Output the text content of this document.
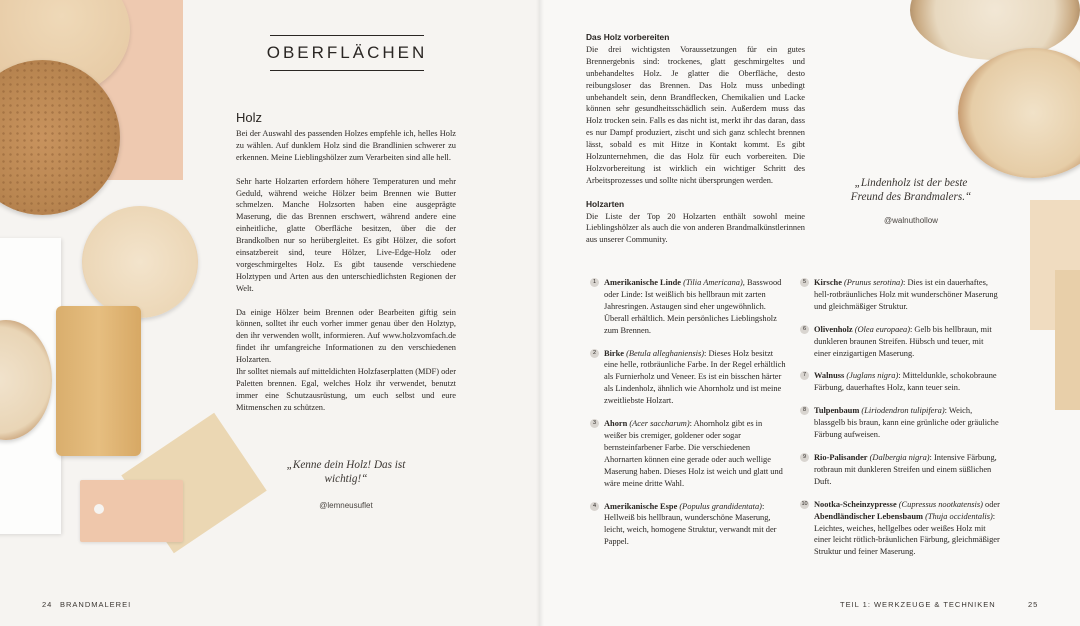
OBERFLÄCHEN
Holz

Bei der Auswahl des passenden Holzes empfehle ich, helles Holz zu wählen. Auf dunklem Holz sind die Brandlinien schwerer zu erkennen. Meine Lieblingshölzer zum Verarbeiten sind alle hell.

Sehr harte Holzarten erfordern höhere Temperaturen und mehr Geduld, während weiche Hölzer beim Brennen wie Butter schmelzen. Manche Holzsorten haben eine ausgeprägte Maserung, die das Brennen erschwert, während andere eine einheitliche, glatte Oberfläche besitzen, über die der Brandkolben nur so herübergleitet. Es gibt Hölzer, die sofort einsatzbereit sind, teure Hölzer, Live-Edge-Holz oder vorgeschmirgeltes Holz. Es gibt tausende verschiedene Holztypen und Arten aus den unterschiedlichsten Regionen der Welt.

Da einige Hölzer beim Brennen oder Bearbeiten giftig sein können, solltet ihr euch vorher immer genau über den Holztyp, den ihr verwenden wollt, informieren. Auf www.holzvomfach.de findet ihr umfangreiche Informationen zu den verschiedenen Holzarten.

Ihr solltet niemals auf mitteldichten Holzfaserplatten (MDF) oder Paletten brennen. Egal, welches Holz ihr verwendet, benutzt immer eine Schutzausrüstung, um euch selbst und eure Mitmenschen zu schützen.

„Kenne dein Holz! Das ist wichtig!“
@lemneusuflet
24 BRANDMALEREI

Das Holz vorbereiten

Die drei wichtigsten Voraussetzungen für ein gutes Brennergebnis sind: trockenes, glatt geschmirgeltes und unbehandeltes Holz. Je glatter die Oberfläche, desto reibungsloser das Brennen. Das Holz muss unbedingt unbehandelt sein, denn Brandflecken, Chemikalien und Lacke können sehr gesundheitsschädlich sein. Außerdem muss das Holz trocken sein. Falls es das nicht ist, merkt ihr das daran, dass es nur Dampf produziert, zischt und sich ganz schlecht brennen lässt, sobald es mit Hitze in Kontakt kommt. Es gibt Holzunternehmen, die das Holz für euch vorbereiten. Die Holzvorbereitung ist wirklich ein wichtiger Schritt des Arbeitsprozesses und sollte nicht übersprungen werden.

Holzarten

Die Liste der Top 20 Holzarten enthält sowohl meine Lieblingshölzer als auch die von anderen Brandmalkünstlerinnen aus unserer Community.

„Lindenholz ist der beste Freund des Brandmalers.“
@walnuthollow
1 Amerikanische Linde (Tilia Americana), Basswood oder Linde: Ist weißlich bis hellbraun mit zarten Jahresringen. Astaugen sind eher ungewöhnlich. Überall erhältlich. Mein persönliches Lieblingsholz zum Brennen.
2 Birke (Betula alleghaniensis): Dieses Holz besitzt eine helle, rotbräunliche Farbe. In der Regel erhältlich als Furnierholz und Veneer. Es ist ein bisschen härter als Lindenholz, ähnlich wie Ahornholz und ist meine zweitliebste Holzart.
3 Ahorn (Acer saccharum): Ahornholz gibt es in weißer bis cremiger, goldener oder sogar bernsteinfarbener Farbe. Die verschiedenen Ahornarten können eine gerade oder auch wellige Maserung haben. Dieses Holz ist weich und glatt und wäre meine dritte Wahl.
4 Amerikanische Espe (Populus grandidentata): Hellweiß bis hellbraun, wunderschöne Maserung, leicht, weich, homogene Struktur, verwandt mit der Pappel.
5 Kirsche (Prunus serotina): Dies ist ein dauerhaftes, hell-rotbräunliches Holz mit wunderschöner Maserung und gleichmäßiger Struktur.
6 Olivenholz (Olea europaea): Gelb bis hellbraun, mit dunkleren braunen Streifen. Hübsch und teuer, mit einer einzigartigen Maserung.
7 Walnuss (Juglans nigra): Mitteldunkle, schokobraune Färbung, dauerhaftes Holz, kann teuer sein.
8 Tulpenbaum (Liriodendron tulipifera): Weich, blassgelb bis braun, kann eine grünliche oder gräuliche Färbung aufweisen.
9 Rio-Palisander (Dalbergia nigra): Intensive Färbung, rotbraun mit dunkleren Streifen und einem süßlichen Duft.
10 Nootka-Scheinzypresse (Cupressus nootkatensis) oder Abendländischer Lebensbaum (Thuja occidentalis): Leichtes, weiches, hellgelbes oder weißes Holz mit einer leicht rötlich-bräunlichen Färbung, gleichmäßiger Struktur und feiner Maserung.
TEIL 1: WERKZEUGE & TECHNIKEN	25
